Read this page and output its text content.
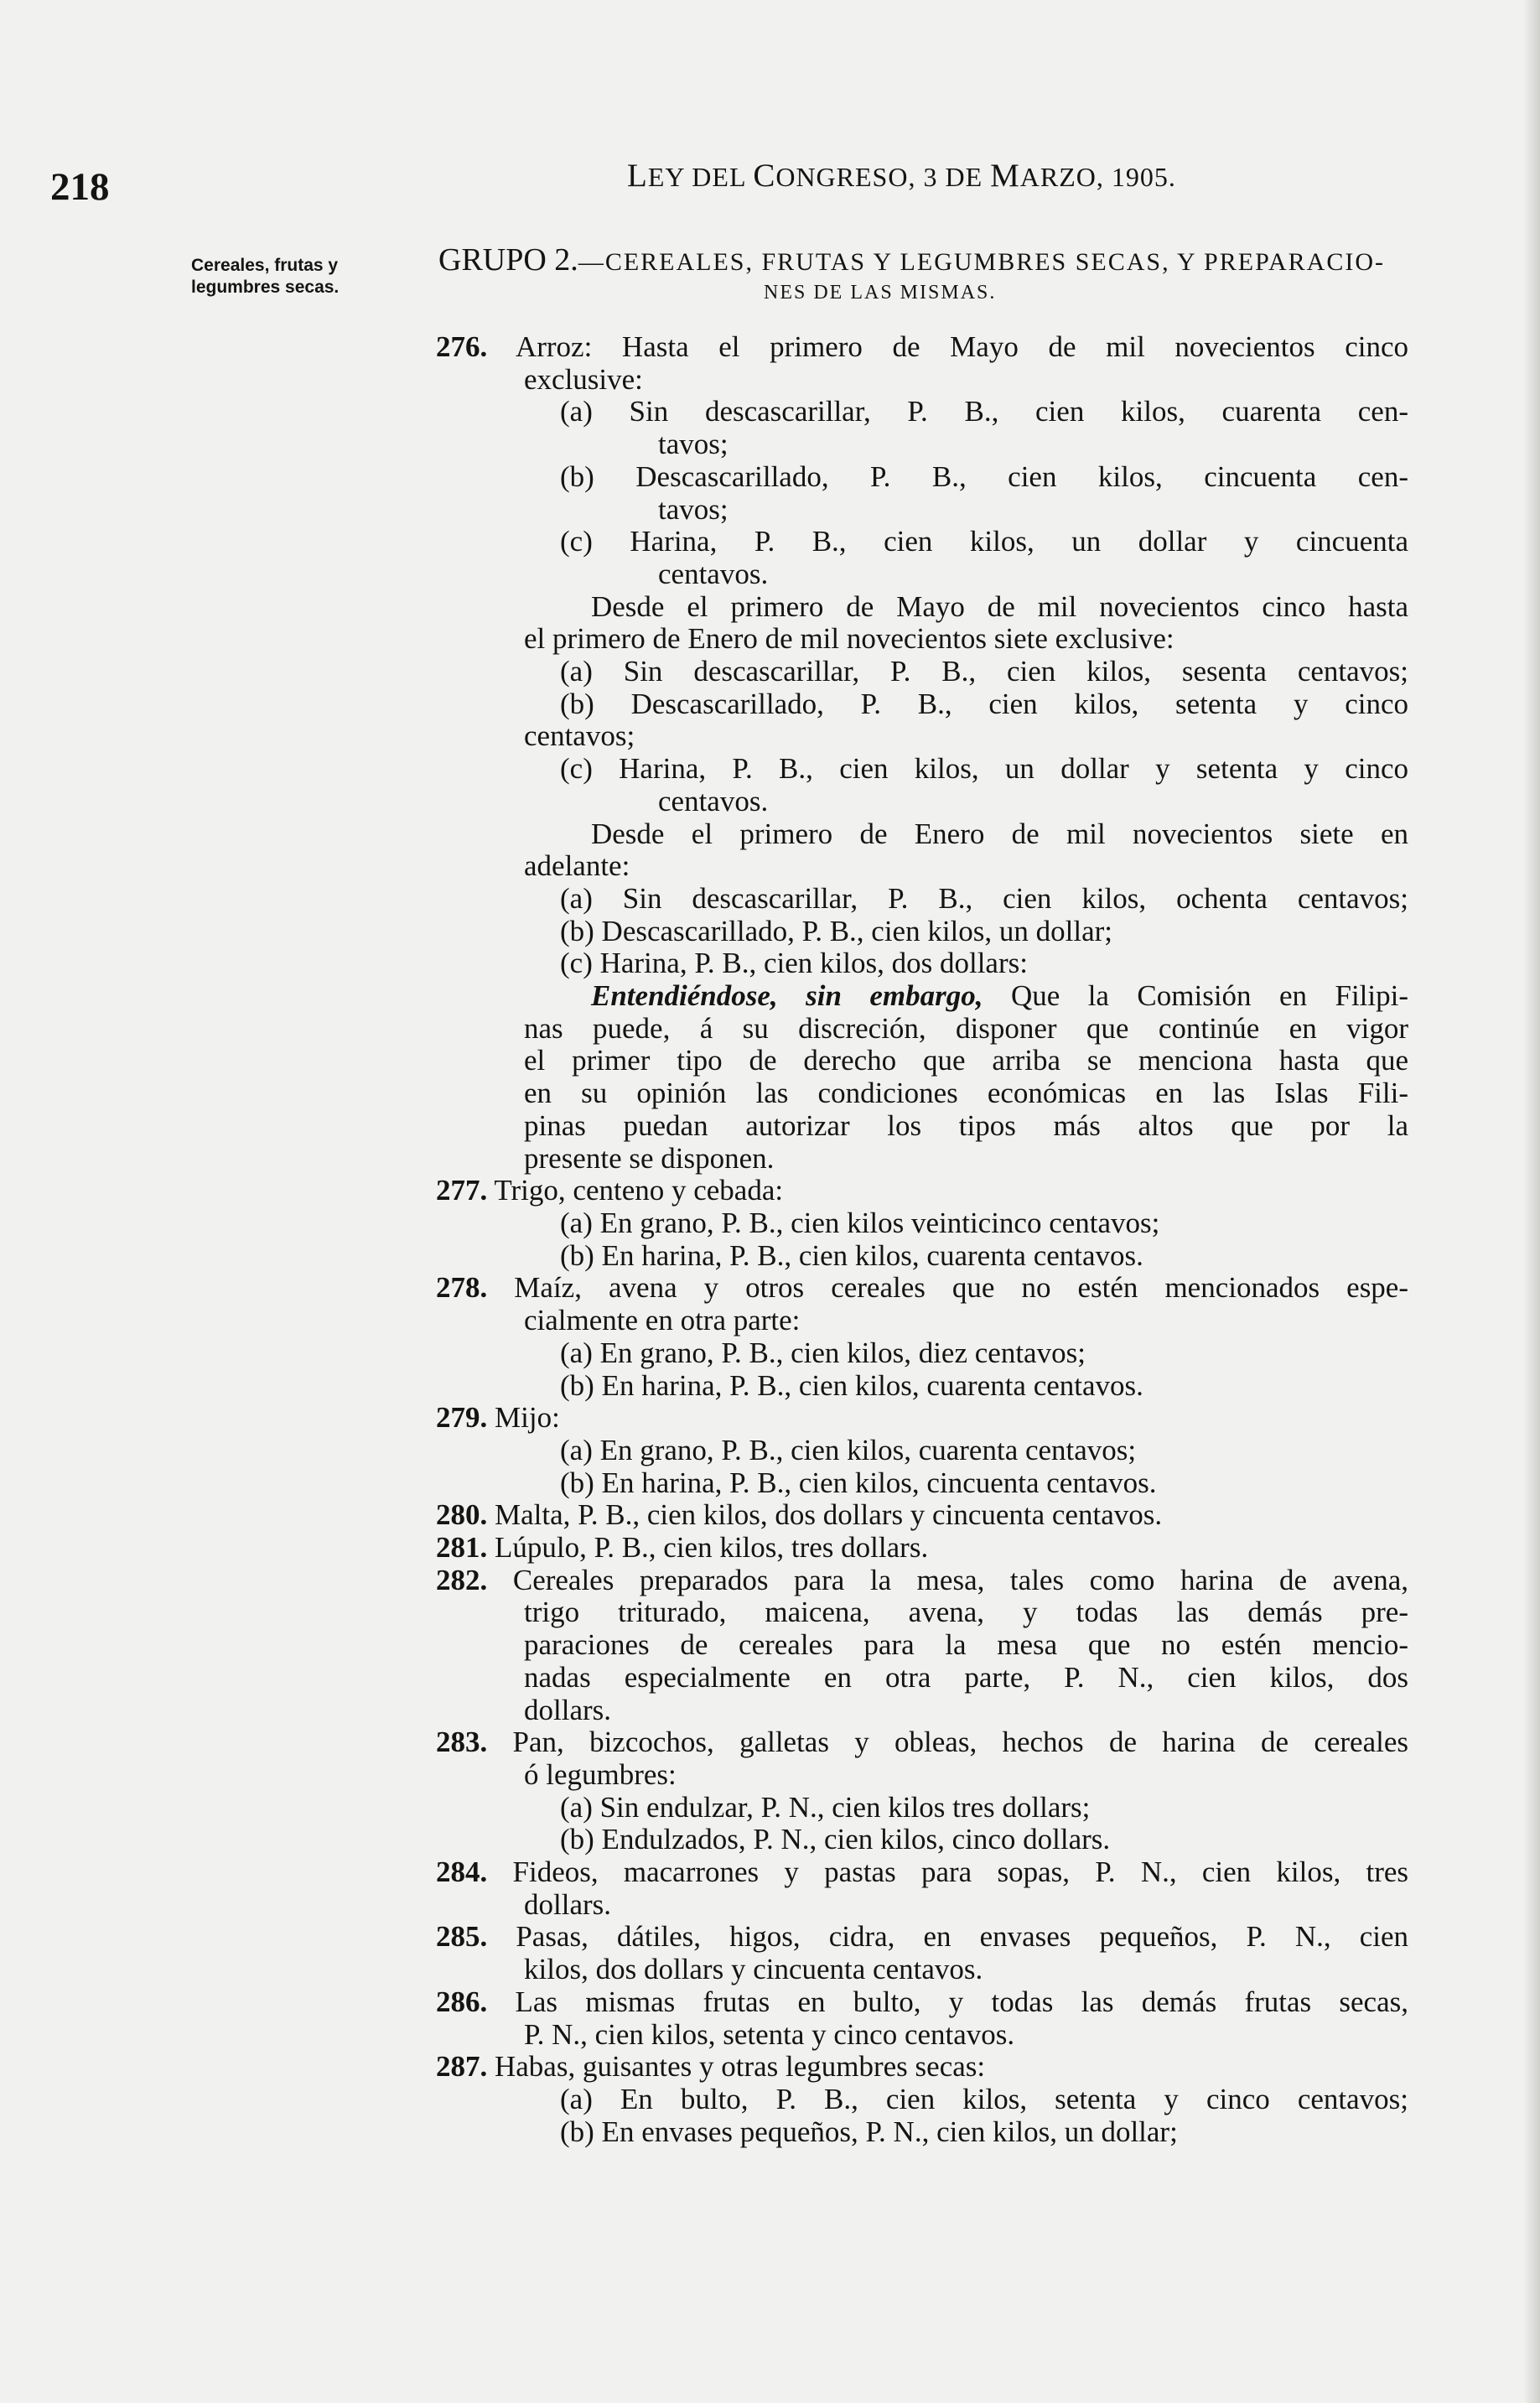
218	LEY DEL CONGRESO, 3 DE MARZO, 1905.
Cereales, frutas y
legumbres secas.
GRUPO 2.—CEREALES, FRUTAS Y LEGUMBRES SECAS, Y PREPARACIO-
NES DE LAS MISMAS.
276. Arroz: Hasta el primero de Mayo de mil novecientos cinco
exclusive:
(a) Sin descascarillar, P. B., cien kilos, cuarenta cen-
tavos;
(b) Descascarillado, P. B., cien kilos, cincuenta cen-
tavos;
(c) Harina, P. B., cien kilos, un dollar y cincuenta
centavos.
Desde el primero de Mayo de mil novecientos cinco hasta
el primero de Enero de mil novecientos siete exclusive:
(a) Sin descascarillar, P. B., cien kilos, sesenta centavos;
(b) Descascarillado, P. B., cien kilos, setenta y cinco
centavos;
(c) Harina, P. B., cien kilos, un dollar y setenta y cinco
centavos.
Desde el primero de Enero de mil novecientos siete en
adelante:
(a) Sin descascarillar, P. B., cien kilos, ochenta centavos;
(b) Descascarillado, P. B., cien kilos, un dollar;
(c) Harina, P. B., cien kilos, dos dollars:
Entendiéndose, sin embargo, Que la Comisión en Filipi-
nas puede, á su discreción, disponer que continúe en vigor
el primer tipo de derecho que arriba se menciona hasta que
en su opinión las condiciones económicas en las Islas Fili-
pinas puedan autorizar los tipos más altos que por la
presente se disponen.
277. Trigo, centeno y cebada:
(a) En grano, P. B., cien kilos veinticinco centavos;
(b) En harina, P. B., cien kilos, cuarenta centavos.
278. Maíz, avena y otros cereales que no estén mencionados espe-
cialmente en otra parte:
(a) En grano, P. B., cien kilos, diez centavos;
(b) En harina, P. B., cien kilos, cuarenta centavos.
279. Mijo:
(a) En grano, P. B., cien kilos, cuarenta centavos;
(b) En harina, P. B., cien kilos, cincuenta centavos.
280. Malta, P. B., cien kilos, dos dollars y cincuenta centavos.
281. Lúpulo, P. B., cien kilos, tres dollars.
282. Cereales preparados para la mesa, tales como harina de avena,
trigo triturado, maicena, avena, y todas las demás pre-
paraciones de cereales para la mesa que no estén mencio-
nadas especialmente en otra parte, P. N., cien kilos, dos
dollars.
283. Pan, bizcochos, galletas y obleas, hechos de harina de cereales
ó legumbres:
(a) Sin endulzar, P. N., cien kilos tres dollars;
(b) Endulzados, P. N., cien kilos, cinco dollars.
284. Fideos, macarrones y pastas para sopas, P. N., cien kilos, tres
dollars.
285. Pasas, dátiles, higos, cidra, en envases pequeños, P. N., cien
kilos, dos dollars y cincuenta centavos.
286. Las mismas frutas en bulto, y todas las demás frutas secas,
P. N., cien kilos, setenta y cinco centavos.
287. Habas, guisantes y otras legumbres secas:
(a) En bulto, P. B., cien kilos, setenta y cinco centavos;
(b) En envases pequeños, P. N., cien kilos, un dollar;
